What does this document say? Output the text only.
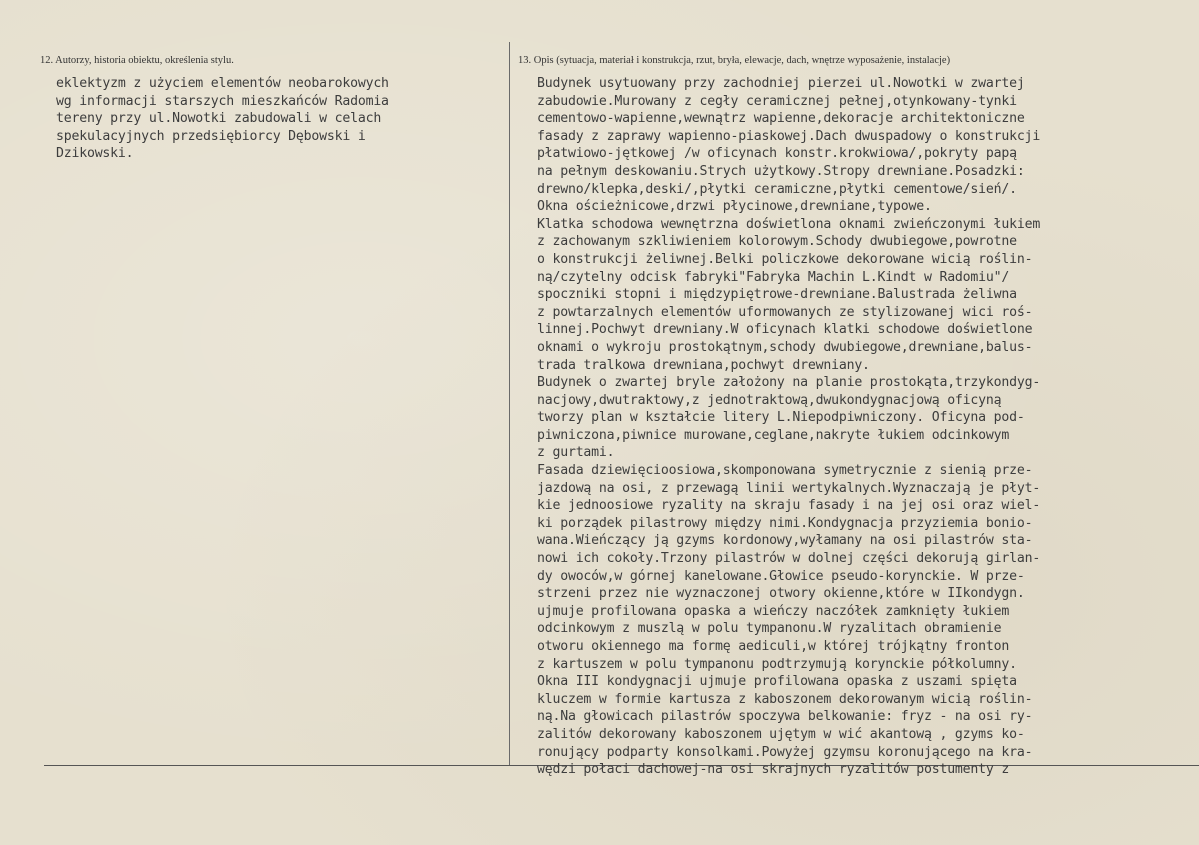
12. Autorzy, historia obiektu, określenia stylu.	13. Opis (sytuacja, materiał i konstrukcja, rzut, bryła, elewacje, dach, wnętrze wyposażenie, instalacje)
eklektyzm z użyciem elementów neobarokowych
wg informacji starszych mieszkańców Radomia
tereny przy ul.Nowotki zabudowali w celach
spekulacyjnych przedsiębiorcy Dębowski i
Dzikowski.
Budynek usytuowany przy zachodniej pierzei ul.Nowotki w zwartej
zabudowie.Murowany z cegły ceramicznej pełnej,otynkowany-tynki
cementowo-wapienne,wewnątrz wapienne,dekoracje architektoniczne
fasady z zaprawy wapienno-piaskowej.Dach dwuspadowy o konstrukcji
płatwiowo-jętkowej /w oficynach konstr.krokwiowa/,pokryty papą
na pełnym deskowaniu.Strych użytkowy.Stropy drewniane.Posadzki:
drewno/klepka,deski/,płytki ceramiczne,płytki cementowe/sień/.
Okna ościeżnicowe,drzwi płycinowe,drewniane,typowe.
Klatka schodowa wewnętrzna doświetlona oknami zwieńczonymi łukiem
z zachowanym szkliwieniem kolorowym.Schody dwubiegowe,powrotne
o konstrukcji żeliwnej.Belki policzkowe dekorowane wicią roślin-
ną/czytelny odcisk fabryki"Fabryka Machin L.Kindt w Radomiu"/
spoczniki stopni i międzypiętrowe-drewniane.Balustrada żeliwna
z powtarzalnych elementów uformowanych ze stylizowanej wici roś-
linnej.Pochwyt drewniany.W oficynach klatki schodowe doświetlone
oknami o wykroju prostokątnym,schody dwubiegowe,drewniane,balus-
trada tralkowa drewniana,pochwyt drewniany.
Budynek o zwartej bryle założony na planie prostokąta,trzykondyg-
nacjowy,dwutraktowy,z jednotraktową,dwukondygnacjową oficyną
tworzy plan w kształcie litery L.Niepodpiwniczony. Oficyna pod-
piwniczona,piwnice murowane,ceglane,nakryte łukiem odcinkowym
z gurtami.
Fasada dziewięcioosiowa,skomponowana symetrycznie z sienią prze-
jazdową na osi, z przewagą linii wertykalnych.Wyznaczają je płyt-
kie jednoosiowe ryzality na skraju fasady i na jej osi oraz wiel-
ki porządek pilastrowy między nimi.Kondygnacja przyziemia bonio-
wana.Wieńczący ją gzyms kordonowy,wyłamany na osi pilastrów sta-
nowi ich cokoły.Trzony pilastrów w dolnej części dekorują girlan-
dy owoców,w górnej kanelowane.Głowice pseudo-korynckie. W prze-
strzeni przez nie wyznaczonej otwory okienne,które w IIkondygn.
ujmuje profilowana opaska a wieńczy naczółek zamknięty łukiem
odcinkowym z muszlą w polu tympanonu.W ryzalitach obramienie
otworu okiennego ma formę aediculi,w której trójkątny fronton
z kartuszem w polu tympanonu podtrzymują korynckie półkolumny.
Okna III kondygnacji ujmuje profilowana opaska z uszami spięta
kluczem w formie kartusza z kaboszonem dekorowanym wicią roślin-
ną.Na głowicach pilastrów spoczywa belkowanie: fryz - na osi ry-
zalitów dekorowany kaboszonem ujętym w wić akantową , gzyms ko-
ronujący podparty konsolkami.Powyżej gzymsu koronującego na kra-
wędzi połaci dachowej-na osi skrajnych ryzalitów postumenty z
